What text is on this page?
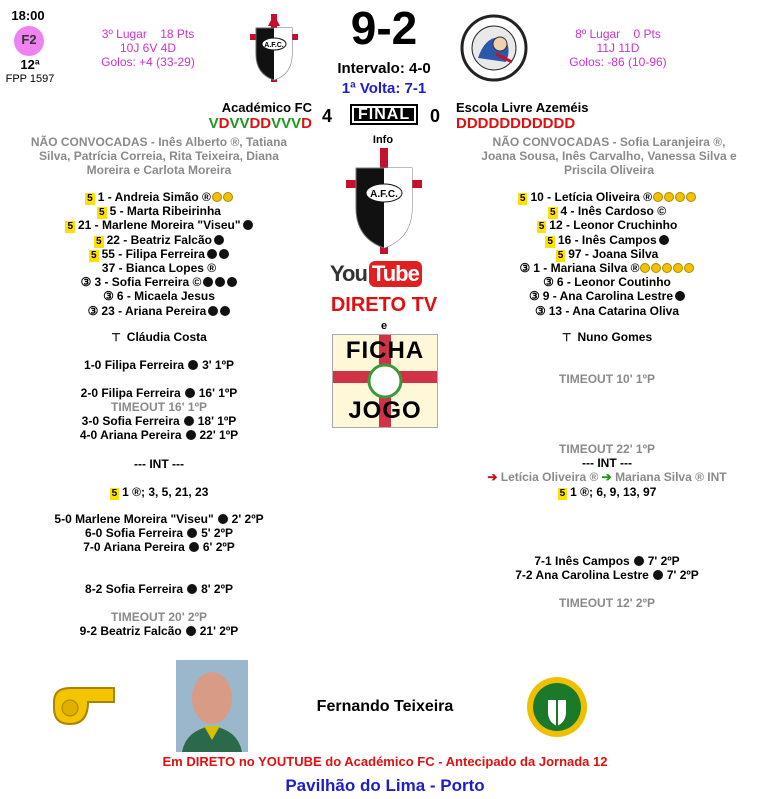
18:00
F2
12ª
FPP 1597
3º Lugar 18 Pts
10J 6V 4D
Golos: +4 (33-29)
A.F.C.	9-2
Intervalo: 4-0
1ª Volta: 7-1
8º Lugar 0 Pts
11J 11D
Golos: -86 (10-96)
Académico FC
VDVVDDVVVD 4	FINAL	0	Escola Livre Azeméis
DDDDDDDDDDD
NÃO CONVOCADAS - Inês Alberto ®, Tatiana Silva, Patrícia Correia, Rita Teixeira, Diana Moreira e Carlota Moreira
NÃO CONVOCADAS - Sofia Laranjeira ®, Joana Sousa, Inês Carvalho, Vanessa Silva e Priscila Oliveira
Info
A.F.C.
You Tube
DIRETO TV
e
FICHA
JOGO
5 1 - Andreia Simão ®
5 5 - Marta Ribeirinha
5 21 - Marlene Moreira "Viseu"
5 22 - Beatriz Falcão
5 55 - Filipa Ferreira
37 - Bianca Lopes ®
③ 3 - Sofia Ferreira ©
③ 6 - Micaela Jesus
③ 23 - Ariana Pereira
5 10 - Letícia Oliveira ®
5 4 - Inês Cardoso ©
5 12 - Leonor Cruchinho
5 16 - Inês Campos
5 97 - Joana Silva
③ 1 - Mariana Silva ®
③ 6 - Leonor Coutinho
③ 9 - Ana Carolina Lestre
③ 13 - Ana Catarina Oliva
⊤ Cláudia Costa	⊤ Nuno Gomes
1-0 Filipa Ferreira 3' 1ºP
2-0 Filipa Ferreira 16' 1ºP
TIMEOUT 16' 1ºP
3-0 Sofia Ferreira 18' 1ºP
4-0 Ariana Pereira 22' 1ºP
--- INT ---
5-0 Marlene Moreira "Viseu" 2' 2ºP
6-0 Sofia Ferreira 5' 2ºP
7-0 Ariana Pereira 6' 2ºP
8-2 Sofia Ferreira 8' 2ºP
TIMEOUT 20' 2ºP
9-2 Beatriz Falcão 21' 2ºP
TIMEOUT 10' 1ºP
TIMEOUT 22' 1ºP
--- INT ---
7-1 Inês Campos 7' 2ºP
7-2 Ana Carolina Lestre 7' 2ºP
TIMEOUT 12' 2ºP
5 1 ®; 3, 5, 21, 23
➔ Letícia Oliveira ® ➔ Mariana Silva ® INT
5 1 ®; 6, 9, 13, 97
Fernando Teixeira
Em DIRETO no YOUTUBE do Académico FC - Antecipado da Jornada 12
Pavilhão do Lima - Porto
